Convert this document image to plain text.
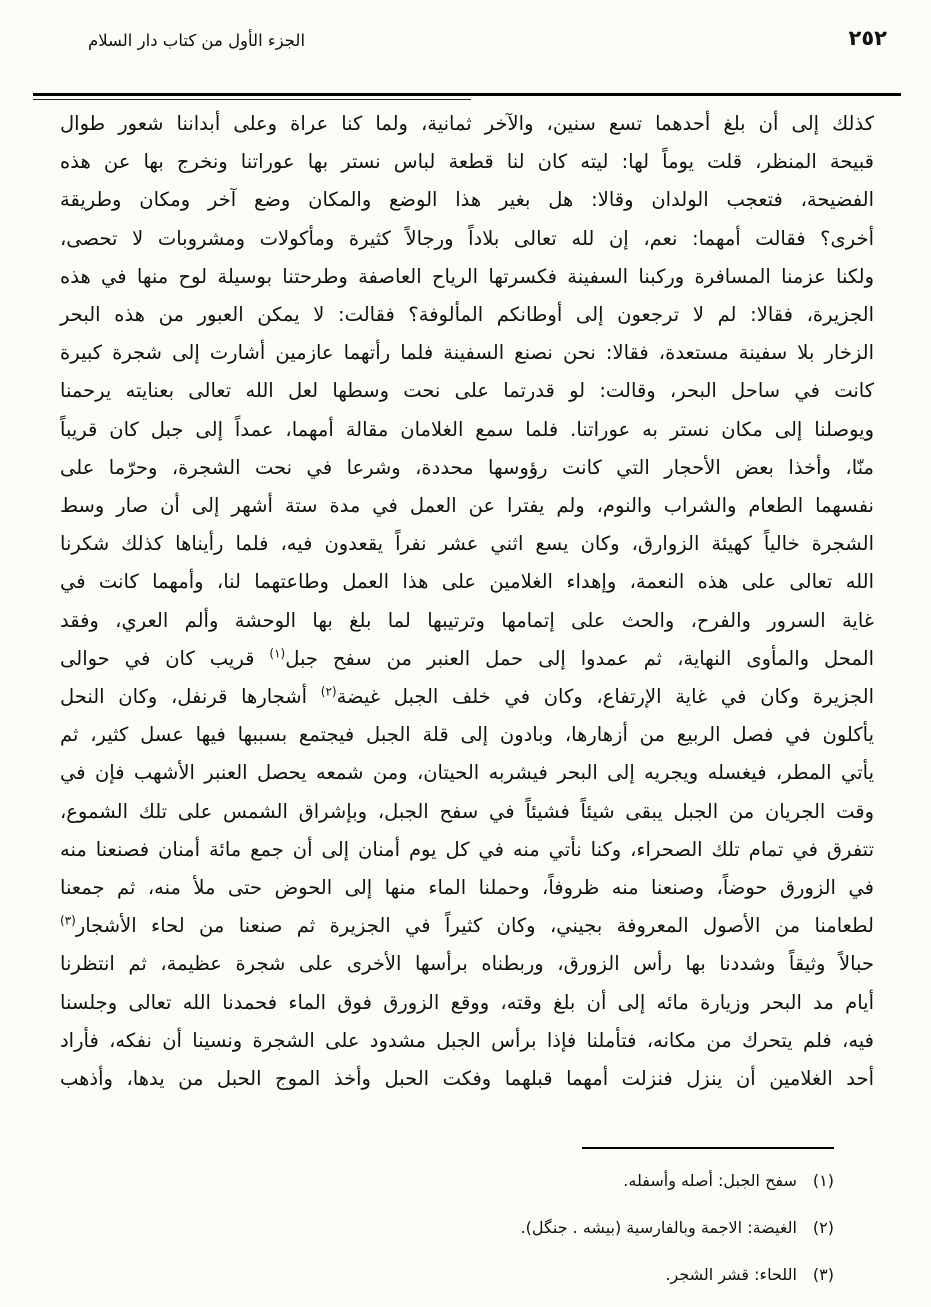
الجزء الأول من كتاب دار السلام	٢٥٢
كذلك إلى أن بلغ أحدهما تسع سنين، والآخر ثمانية، ولما كنا عراة وعلى أبداننا شعور طوال
قبيحة المنظر، قلت يوماً لها: ليته كان لنا قطعة لباس نستر بها عوراتنا ونخرج بها عن هذه
الفضيحة، فتعجب الولدان وقالا: هل بغير هذا الوضع والمكان وضع آخر ومكان وطريقة
أخرى؟ فقالت أمهما: نعم، إن لله تعالى بلاداً ورجالاً كثيرة ومأكولات ومشروبات لا تحصى،
ولكنا عزمنا المسافرة وركبنا السفينة فكسرتها الرياح العاصفة وطرحتنا بوسيلة لوح منها في هذه
الجزيرة، فقالا: لم لا ترجعون إلى أوطانكم المألوفة؟ فقالت: لا يمكن العبور من هذه البحر
الزخار بلا سفينة مستعدة، فقالا: نحن نصنع السفينة فلما رأتهما عازمين أشارت إلى شجرة كبيرة
كانت في ساحل البحر، وقالت: لو قدرتما على نحت وسطها لعل الله تعالى بعنايته يرحمنا
ويوصلنا إلى مكان نستر به عوراتنا. فلما سمع الغلامان مقالة أمهما، عمداً إلى جبل كان قريباً
منّا، وأخذا بعض الأحجار التي كانت رؤوسها محددة، وشرعا في نحت الشجرة، وحرّما على
نفسهما الطعام والشراب والنوم، ولم يفترا عن العمل في مدة ستة أشهر إلى أن صار وسط
الشجرة خالياً كهيئة الزوارق، وكان يسع اثني عشر نفراً يقعدون فيه، فلما رأيناها كذلك شكرنا
الله تعالى على هذه النعمة، وإهداء الغلامين على هذا العمل وطاعتهما لنا، وأمهما كانت في
غاية السرور والفرح، والحث على إتمامها وترتيبها لما بلغ بها الوحشة وألم العري، وفقد
المحل والمأوى النهاية، ثم عمدوا إلى حمل العنبر من سفح جبل$^{(١)}$ قريب كان في حوالى
الجزيرة وكان في غاية الإرتفاع، وكان في خلف الجبل غيضة$^{(٢)}$ أشجارها قرنفل، وكان النحل
يأكلون في فصل الربيع من أزهارها، وبادون إلى قلة الجبل فيجتمع بسببها فيها عسل كثير، ثم
يأتي المطر، فيغسله ويجريه إلى البحر فيشربه الحيتان، ومن شمعه يحصل العنبر الأشهب فإن في
وقت الجريان من الجبل يبقى شيئاً فشيئاً في سفح الجبل، وبإشراق الشمس على تلك الشموع،
تتفرق في تمام تلك الصحراء، وكنا نأتي منه في كل يوم أمنان إلى أن جمع مائة أمنان فصنعنا منه
في الزورق حوضاً، وصنعنا منه ظروفاً، وحملنا الماء منها إلى الحوض حتى ملأ منه، ثم جمعنا
لطعامنا من الأصول المعروفة بجيني، وكان كثيراً في الجزيرة ثم صنعنا من لحاء الأشجار$^{(٣)}$
حبالاً وثيقاً وشددنا بها رأس الزورق، وربطناه برأسها الأخرى على شجرة عظيمة، ثم انتظرنا
أيام مد البحر وزيارة مائه إلى أن بلغ وقته، ووقع الزورق فوق الماء فحمدنا الله تعالى وجلسنا
فيه، فلم يتحرك من مكانه، فتأملنا فإذا برأس الجبل مشدود على الشجرة ونسينا أن نفكه، فأراد
أحد الغلامين أن ينزل فنزلت أمهما قبلهما وفكت الحبل وأخذ الموج الحبل من يدها، وأذهب
(١)سفح الجبل: أصله وأسفله.
(٢)الغيضة: الاجمة وبالفارسية (بيشه . جنگل).
(٣)اللحاء: قشر الشجر.
